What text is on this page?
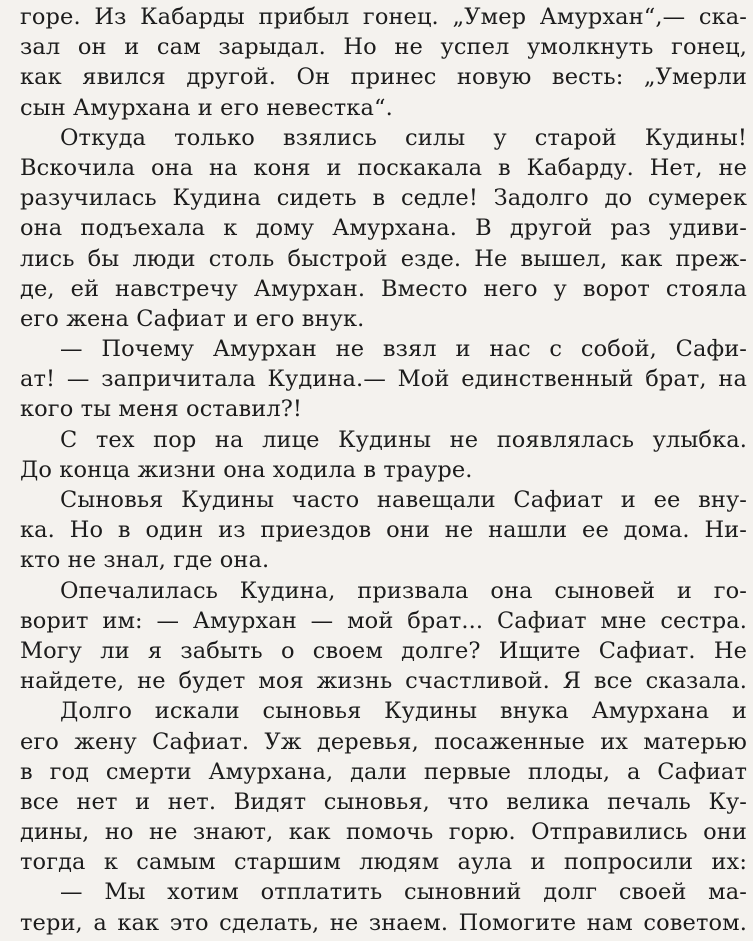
горе. Из Кабарды прибыл гонец. „Умер Амурхан“,— ска-
зал он и сам зарыдал. Но не успел умолкнуть гонец,
как явился другой. Он принес новую весть: „Умерли
сын Амурхана и его невестка“.
Откуда только взялись силы у старой Кудины!
Вскочила она на коня и поскакала в Кабарду. Нет, не
разучилась Кудина сидеть в седле! Задолго до сумерек
она подъехала к дому Амурхана. В другой раз удиви-
лись бы люди столь быстрой езде. Не вышел, как преж-
де, ей навстречу Амурхан. Вместо него у ворот стояла
его жена Сафиат и его внук.
— Почему Амурхан не взял и нас с собой, Сафи-
ат! — запричитала Кудина.— Мой единственный брат, на
кого ты меня оставил?!
С тех пор на лице Кудины не появлялась улыбка.
До конца жизни она ходила в трауре.
Сыновья Кудины часто навещали Сафиат и ее вну-
ка. Но в один из приездов они не нашли ее дома. Ни-
кто не знал, где она.
Опечалилась Кудина, призвала она сыновей и го-
ворит им: — Амурхан — мой брат... Сафиат мне сестра.
Могу ли я забыть о своем долге? Ищите Сафиат. Не
найдете, не будет моя жизнь счастливой. Я все сказала.
Долго искали сыновья Кудины внука Амурхана и
его жену Сафиат. Уж деревья, посаженные их матерью
в год смерти Амурхана, дали первые плоды, а Сафиат
все нет и нет. Видят сыновья, что велика печаль Ку-
дины, но не знают, как помочь горю. Отправились они
тогда к самым старшим людям аула и попросили их:
— Мы хотим отплатить сыновний долг своей ма-
тери, а как это сделать, не знаем. Помогите нам советом.
